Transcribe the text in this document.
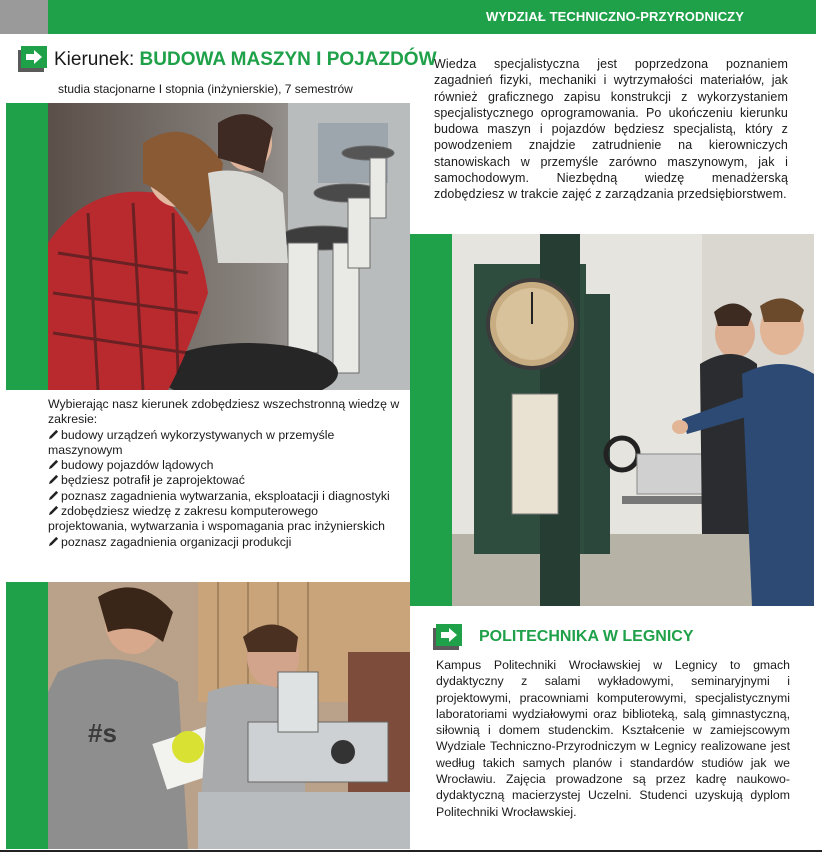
WYDZIAŁ TECHNICZNO-PRZYRODNICZY
Kierunek: BUDOWA MASZYN I POJAZDÓW
studia stacjonarne I stopnia (inżynierskie), 7 semestrów
Wiedza specjalistyczna jest poprzedzona poznaniem zagadnień fizyki, mechaniki i wytrzymałości materiałów, jak również graficznego zapisu konstrukcji z wykorzystaniem specjalistycznego oprogramowania. Po ukończeniu kierunku budowa maszyn i pojazdów będziesz specjalistą, który z powodzeniem znajdzie zatrudnienie na kierowniczych stanowiskach w przemyśle zarówno maszynowym, jak i samochodowym. Niezbędną wiedzę menadżerską zdobędziesz w trakcie zajęć z zarządzania przedsiębiorstwem.
Wybierając nasz kierunek zdobędziesz wszechstronną wiedzę w zakresie:
budowy urządzeń wykorzystywanych w przemyśle maszynowym
budowy pojazdów lądowych
będziesz potrafił je zaprojektować
poznasz zagadnienia wytwarzania, eksploatacji i diagnostyki
zdobędziesz wiedzę z zakresu komputerowego projektowania, wytwarzania i wspomagania prac inżynierskich
poznasz zagadnienia organizacji produkcji
POLITECHNIKA W LEGNICY
Kampus Politechniki Wrocławskiej w Legnicy to gmach dydaktyczny z salami wykładowymi, seminaryjnymi i projektowymi, pracowniami komputerowymi, specjalistycznymi laboratoriami wydziałowymi oraz biblioteką, salą gimnastyczną, siłownią i domem studenckim. Kształcenie w zamiejscowym Wydziale Techniczno-Przyrodniczym w Legnicy realizowane jest według takich samych planów i standardów studiów jak we Wrocławiu. Zajęcia prowadzone są przez kadrę naukowo-dydaktyczną macierzystej Uczelni. Studenci uzyskują dyplom Politechniki Wrocławskiej.
#s
